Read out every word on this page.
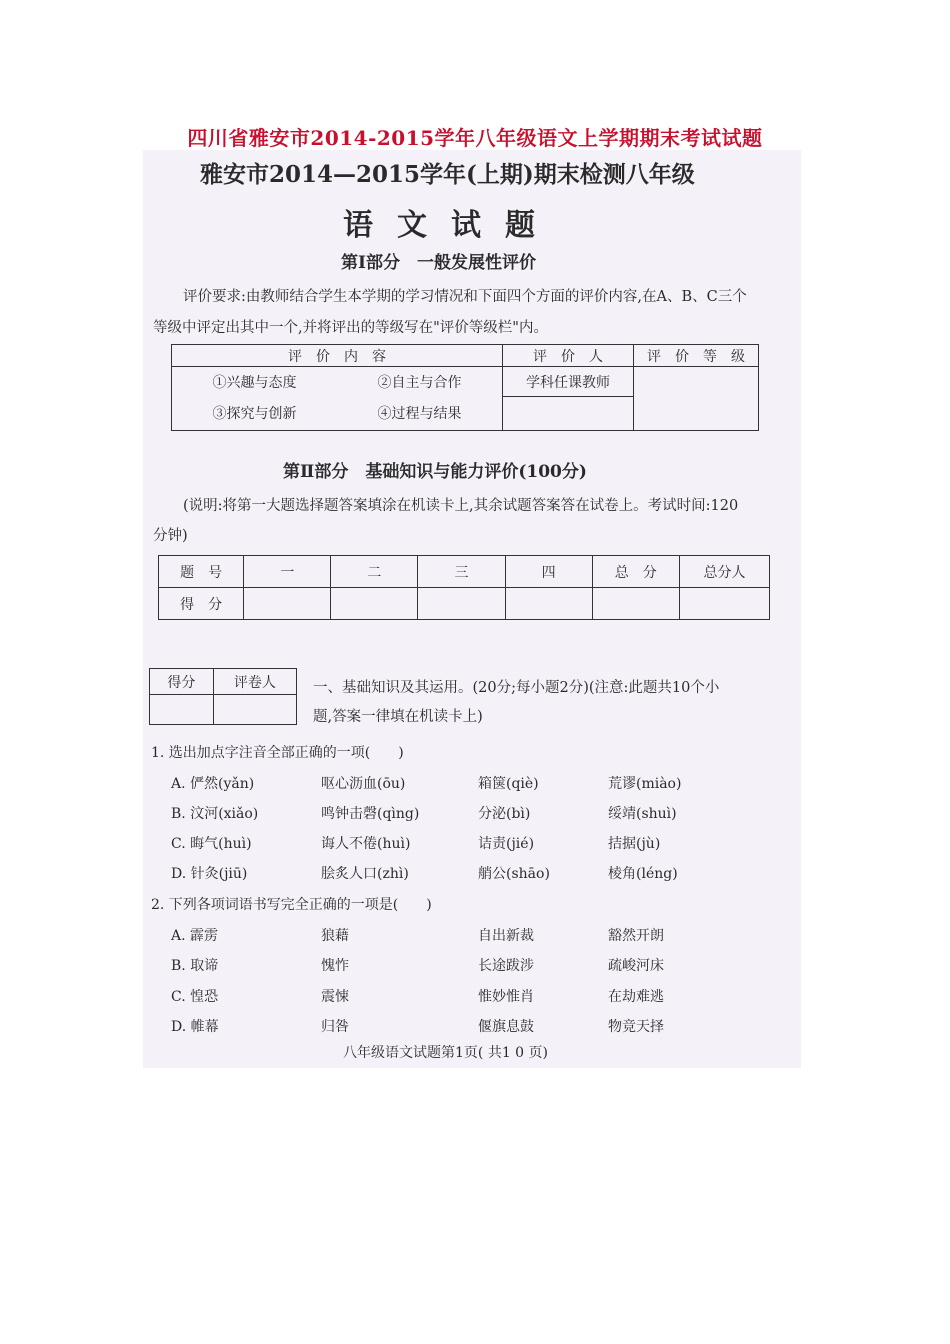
四川省雅安市2014-2015学年八年级语文上学期期末考试试题
雅安市2014—2015学年(上期)期末检测八年级
语文试题
第Ⅰ部分　一般发展性评价
评价要求:由教师结合学生本学期的学习情况和下面四个方面的评价内容,在A、B、C三个
等级中评定出其中一个,并将评出的等级写在"评价等级栏"内。
评　价　内　容		评　价　人	评　价　等　级
①兴趣与态度	②自主与合作	学科任课教师	
③探究与创新	④过程与结果		
第Ⅱ部分　基础知识与能力评价(100分)
(说明:将第一大题选择题答案填涂在机读卡上,其余试题答案答在试卷上。考试时间:120
分钟)
题　号	一	二	三	四	总　分	总分人
得　分						
得分	评卷人
		一、基础知识及其运用。(20分;每小题2分)(注意:此题共10个小
题,答案一律填在机读卡上)
1. 选出加点字注音全部正确的一项(　　)
A. 俨然(yǎn)	呕心沥血(ōu)	箱箧(qiè)	荒谬(miào)
B. 汶河(xiǎo)	鸣钟击磬(qìng)	分泌(bì)	绥靖(shuì)
C. 晦气(huì)	诲人不倦(huì)	诘责(jié)	拮据(jù)
D. 针灸(jiū)	脍炙人口(zhì)	艄公(shāo)	棱角(léng)
2. 下列各项词语书写完全正确的一项是(　　)
A. 霹雳	狼藉	自出新裁	豁然开朗
B. 取谛	愧怍	长途跋涉	疏峻河床
C. 惶恐	震悚	惟妙惟肖	在劫难逃
D. 帷幕	归咎	偃旗息鼓	物竞天择
八年级语文试题第1页( 共1 0 页)
